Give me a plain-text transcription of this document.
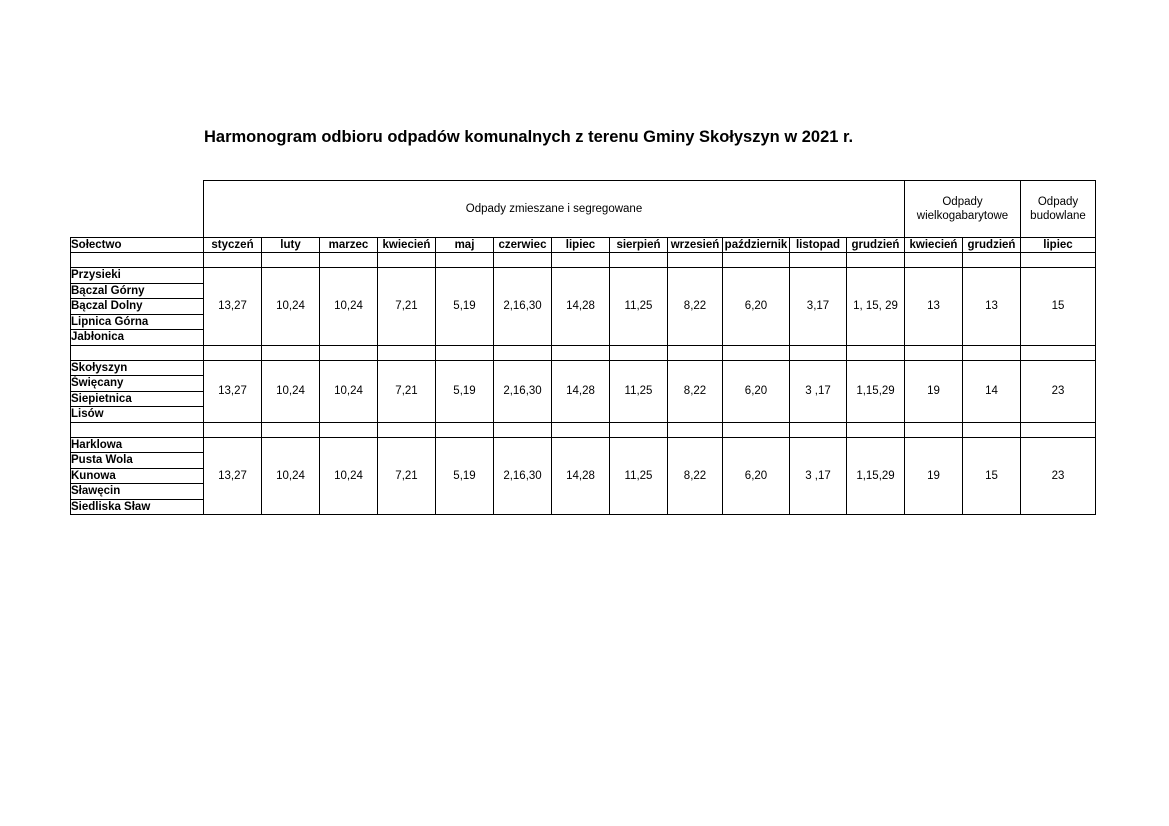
Harmonogram odbioru odpadów komunalnych z terenu Gminy Skołyszyn w 2021 r.
	Odpady zmieszane i segregowane												Odpady
wielkogabarytowe		Odpady
budowlane
Sołectwo	styczeń	luty	marzec	kwiecień	maj	czerwiec	lipiec	sierpień	wrzesień	październik	listopad	grudzień	kwiecień	grudzień	lipiec

Przysieki	13,27	10,24	10,24	7,21	5,19	2,16,30	14,28	11,25	8,22	6,20	3,17	1, 15, 29	13	13	15
Bączal Górny															
Bączal Dolny															
Lipnica Górna															
Jabłonica															

Skołyszyn	13,27	10,24	10,24	7,21	5,19	2,16,30	14,28	11,25	8,22	6,20	3 ,17	1,15,29	19	14	23
Święcany															
Siepietnica															
Lisów															

Harklowa	13,27	10,24	10,24	7,21	5,19	2,16,30	14,28	11,25	8,22	6,20	3 ,17	1,15,29	19	15	23
Pusta Wola															
Kunowa															
Sławęcin															
Siedliska Sław															
